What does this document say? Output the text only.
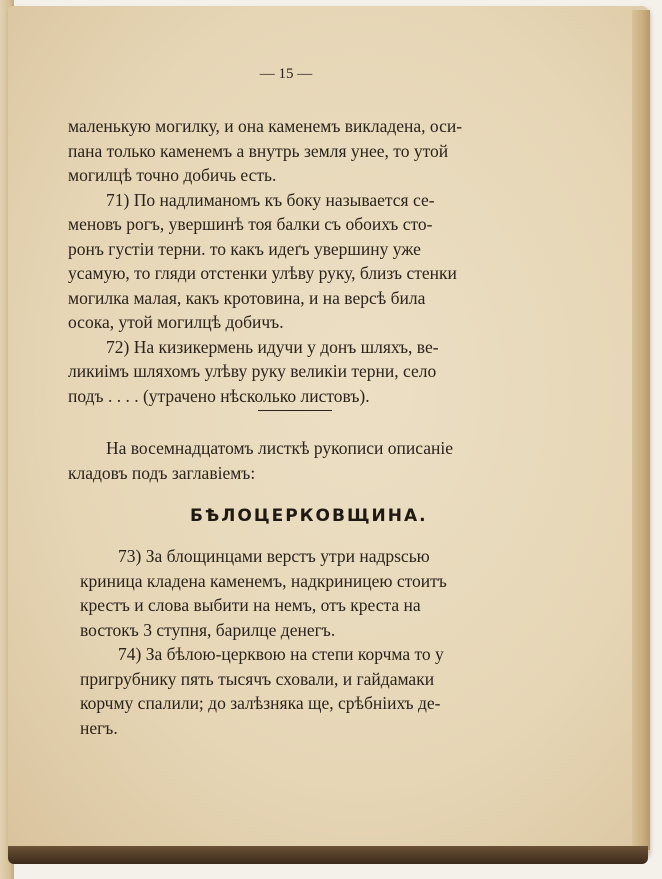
— 15 —
маленькую могилку, и она каменемъ викладена, оси-
пана только каменемъ а внутрь земля унее, то утой
могилцѣ точно добичь есть.
71) По надлиманомъ къ боку называется се-
меновъ рогъ, увершинѣ тоя балки съ обоихъ сто-
ронъ густіи терни. то какъ идеґъ увершину уже
усамую, то гляди отстенки улѣву руку, близъ стенки
могилка малая, какъ кротовина, и на версѣ била
осока, утой могилцѣ добичъ.
72) На кизикермень идучи у донъ шляхъ, ве-
ликиімъ шляхомъ улѣву руку великіи терни, село
подъ . . . . (утрачено нѣсколько листовъ).
На восемнадцатомъ листкѣ рукописи описаніе
кладовъ подъ заглавіемъ:
БѢЛОЦЕРКОВЩИНА.
73) За блощинцами верстъ утри надрѕсью
криница кладена каменемъ, надкриницею стоитъ
крестъ и слова выбити на немъ, отъ креста на
востокъ 3 ступня, барилце денегъ.
74) За бѣлою-церквою на степи корчма то у
пригрубнику пять тысячъ сховали, и гайдамаки
корчму спалили; до залѣзняка ще, срѣбніихъ де-
негъ.
